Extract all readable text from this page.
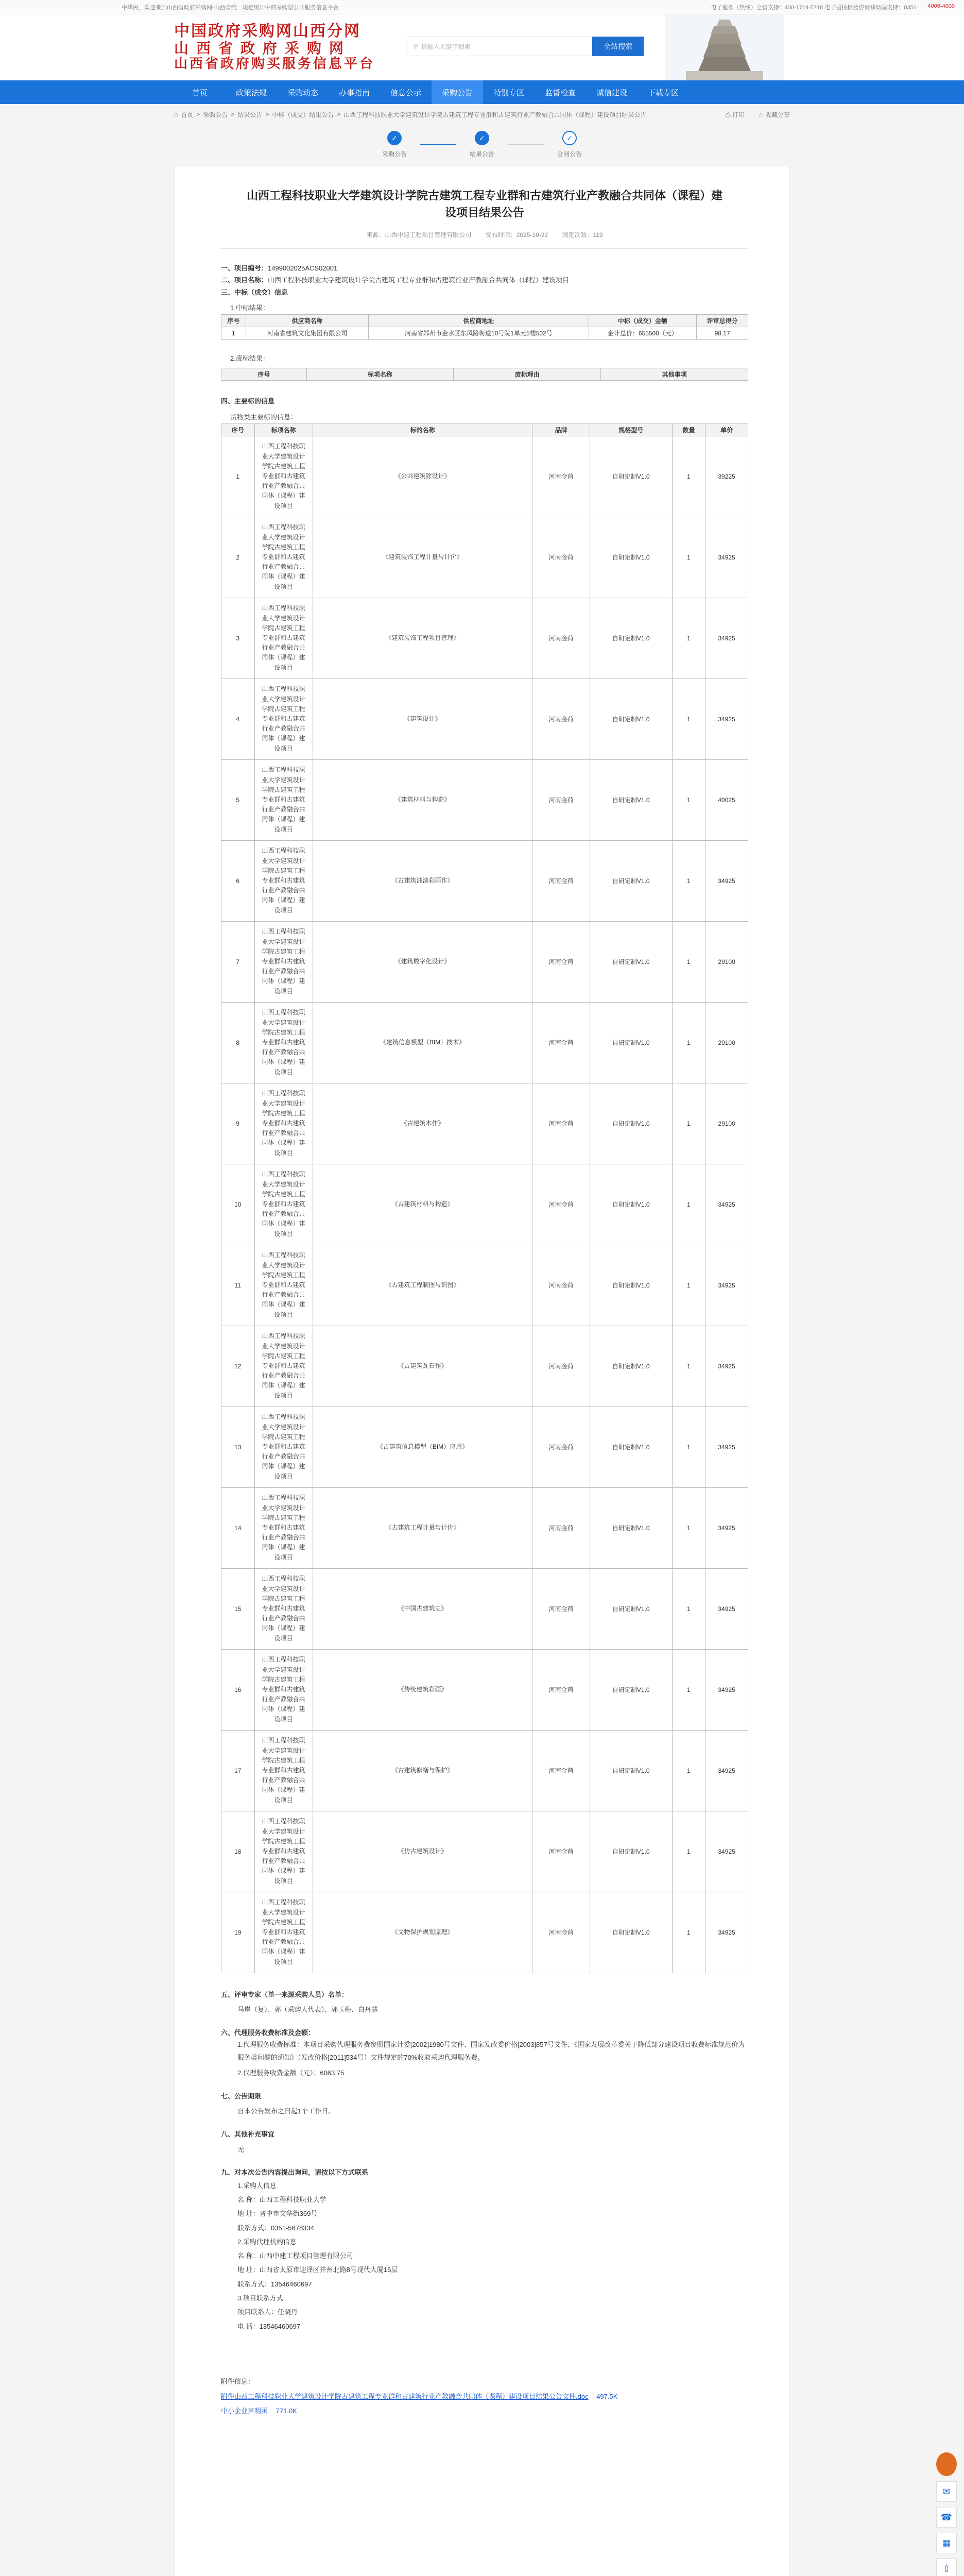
中华民，欢迎来到山西省政府采购网-山西省统一规定统计中的采购型公共服务信息平台	电子服务（热线）全省支持：400-1714-5718 电子招投标及咨询移动端支持：0351- 4006-4000
中国政府采购网山西分网
山西省政府采购网
山西省政府购买服务信息平台
⚲ 请输入关键字搜索	全站搜索
首页	政策法规	采购动态	办事指南	信息公示	采购公告	特别专区	监督检查	诚信建设	下载专区
⌂ 首页 > 采购公告 > 结果公告 > 中标（成交）结果公告 > 山西工程科技职业大学建筑设计学院古建筑工程专业群和古建筑行业产教融合共同体（课程）建设项目结果公告	⎙ 打印 ☆ 收藏分享
✓
采购公告
✓
结果公告
✓
合同公告
山西工程科技职业大学建筑设计学院古建筑工程专业群和古建筑行业产教融合共同体（课程）建设项目结果公告
来源：山西中建工程项目管理有限公司 发布时间：2025-10-22 浏览次数：119
一、项目编号：1499002025ACS02001
二、项目名称：山西工程科技职业大学建筑设计学院古建筑工程专业群和古建筑行业产教融合共同体（课程）建设项目
三、中标（成交）信息
1.中标结果：
序号	供应商名称	供应商地址	中标（成交）金额	评审总得分
1	河南省建筑文化集团有限公司	河南省郑州市金水区东风路街道10号院1单元5楼502号	金计总价：655500（元）	98.17
2.废标结果：
序号	标项名称	废标理由	其他事项
四、主要标的信息
货物类主要标的信息：
序号	标项名称	标的名称	品牌	规格型号	数量	单价
1	山西工程科技职业大学建筑设计学院古建筑工程专业群和古建筑行业产教融合共同体（课程）建设项目	《公共建筑除设计》	河南金荷	自研定制V1.0	1	39225
2	山西工程科技职业大学建筑设计学院古建筑工程专业群和古建筑行业产教融合共同体（课程）建设项目	《建筑装饰工程计量与计价》	河南金荷	自研定制V1.0	1	34925
3	山西工程科技职业大学建筑设计学院古建筑工程专业群和古建筑行业产教融合共同体（课程）建设项目	《建筑装饰工程项目管理》	河南金荷	自研定制V1.0	1	34925
4	山西工程科技职业大学建筑设计学院古建筑工程专业群和古建筑行业产教融合共同体（课程）建设项目	《建筑设计》	河南金荷	自研定制V1.0	1	34925
5	山西工程科技职业大学建筑设计学院古建筑工程专业群和古建筑行业产教融合共同体（课程）建设项目	《建筑材料与构造》	河南金荷	自研定制V1.0	1	40025
6	山西工程科技职业大学建筑设计学院古建筑工程专业群和古建筑行业产教融合共同体（课程）建设项目	《古建筑油漆彩画作》	河南金荷	自研定制V1.0	1	34925
7	山西工程科技职业大学建筑设计学院古建筑工程专业群和古建筑行业产教融合共同体（课程）建设项目	《建筑数字化设计》	河南金荷	自研定制V1.0	1	29100
8	山西工程科技职业大学建筑设计学院古建筑工程专业群和古建筑行业产教融合共同体（课程）建设项目	《建筑信息模型（BIM）技术》	河南金荷	自研定制V1.0	1	29100
9	山西工程科技职业大学建筑设计学院古建筑工程专业群和古建筑行业产教融合共同体（课程）建设项目	《古建筑木作》	河南金荷	自研定制V1.0	1	29100
10	山西工程科技职业大学建筑设计学院古建筑工程专业群和古建筑行业产教融合共同体（课程）建设项目	《古建筑材料与构造》	河南金荷	自研定制V1.0	1	34925
11	山西工程科技职业大学建筑设计学院古建筑工程专业群和古建筑行业产教融合共同体（课程）建设项目	《古建筑工程制图与识图》	河南金荷	自研定制V1.0	1	34925
12	山西工程科技职业大学建筑设计学院古建筑工程专业群和古建筑行业产教融合共同体（课程）建设项目	《古建筑瓦石作》	河南金荷	自研定制V1.0	1	34925
13	山西工程科技职业大学建筑设计学院古建筑工程专业群和古建筑行业产教融合共同体（课程）建设项目	《古建筑信息模型（BIM）应用》	河南金荷	自研定制V1.0	1	34925
14	山西工程科技职业大学建筑设计学院古建筑工程专业群和古建筑行业产教融合共同体（课程）建设项目	《古建筑工程计量与计价》	河南金荷	自研定制V1.0	1	34925
15	山西工程科技职业大学建筑设计学院古建筑工程专业群和古建筑行业产教融合共同体（课程）建设项目	《中国古建筑史》	河南金荷	自研定制V1.0	1	34925
16	山西工程科技职业大学建筑设计学院古建筑工程专业群和古建筑行业产教融合共同体（课程）建设项目	《传统建筑彩画》	河南金荷	自研定制V1.0	1	34925
17	山西工程科技职业大学建筑设计学院古建筑工程专业群和古建筑行业产教融合共同体（课程）建设项目	《古建筑修缮与保护》	河南金荷	自研定制V1.0	1	34925
18	山西工程科技职业大学建筑设计学院古建筑工程专业群和古建筑行业产教融合共同体（课程）建设项目	《仿古建筑设计》	河南金荷	自研定制V1.0	1	34925
19	山西工程科技职业大学建筑设计学院古建筑工程专业群和古建筑行业产教融合共同体（课程）建设项目	《文物保护规划原理》	河南金荷	自研定制V1.0	1	34925
五、评审专家（单一来源采购人员）名单：
马岸（复）、郭（采购人代表）、郭玉梅、白丹慧
六、代理服务收费标准及金额：
1.代理服务收费标准：本项目采购代理服务费参照国家计委[2002]1980号文件、国家发改委价格[2003]857号文件、《国家发展改革委关于降低部分建设项目收费标准规范价为服务类问题的通知》（发改价格[2011]534号）文件规定的70%收取采购代理服务费。
2.代理服务收费金额（元）：6063.75
七、公告期限
自本公告发布之日起1个工作日。
八、其他补充事宜
无
九、对本次公告内容提出询问，请按以下方式联系
1.采购人信息
名 称：山西工程科技职业大学
地 址：晋中市文华街369号
联系方式：0351-5678334
2.采购代理机构信息
名 称：山西中建工程项目管理有限公司
地 址：山西省太原市迎泽区并州北路8号现代大厦16层
联系方式：13546460697
3.项目联系方式
项目联系人：任晓丹
电 话：13546460697
附件信息：
附件山西工程科技职业大学建筑设计学院古建筑工程专业群和古建筑行业产教融合共同体（课程）建设项目结果公告文件.doc 497.5K
中小企业声明函 771.0K

✉
☎
▦
⇧
